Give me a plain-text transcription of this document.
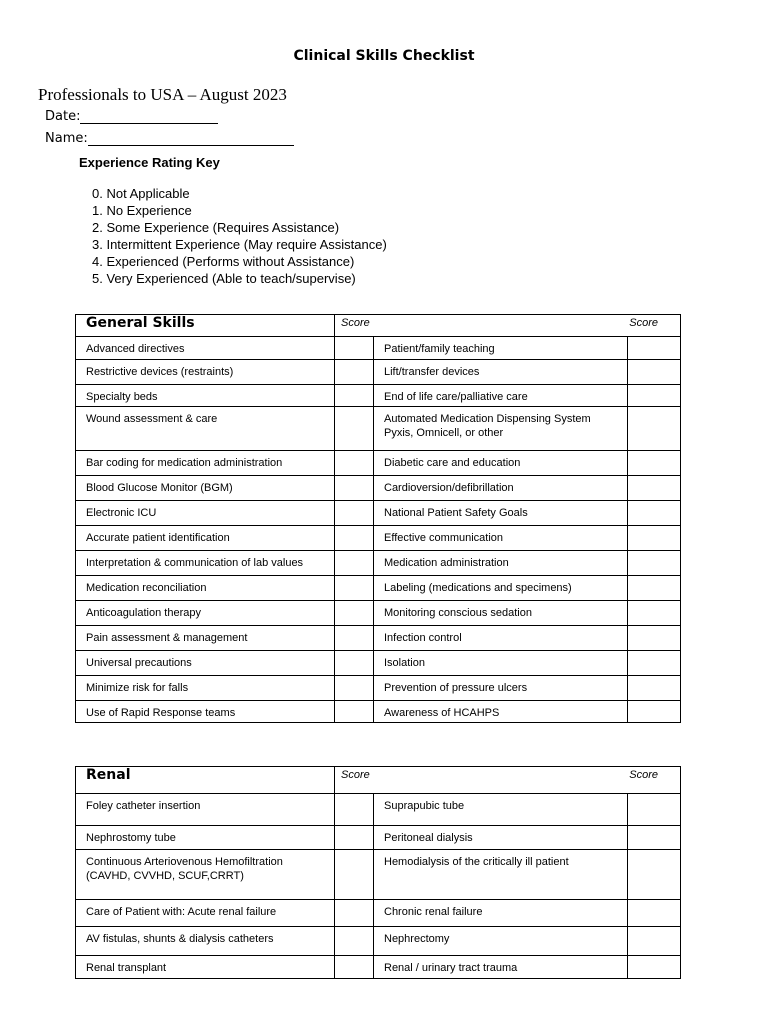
Clinical Skills Checklist
Professionals to USA – August 2023
Date:
Name:
Experience Rating Key
0. Not Applicable
1. No Experience
2. Some Experience (Requires Assistance)
3. Intermittent Experience (May require Assistance)
4. Experienced (Performs without Assistance)
5. Very Experienced (Able to teach/supervise)
General Skills	Score		Score

Advanced directives		Patient/family teaching	

Restrictive devices (restraints)		Lift/transfer devices	

Specialty beds		End of life care/palliative care	

Wound assessment & care		Automated Medication Dispensing System
Pyxis, Omnicell, or other	

Bar coding for medication administration		Diabetic care and education	

Blood Glucose Monitor (BGM)		Cardioversion/defibrillation	

Electronic ICU		National Patient Safety Goals	

Accurate patient identification		Effective communication	

Interpretation & communication of lab values		Medication administration	

Medication reconciliation		Labeling (medications and specimens)	

Anticoagulation therapy		Monitoring conscious sedation	

Pain assessment & management		Infection control	

Universal precautions		Isolation	

Minimize risk for falls		Prevention of pressure ulcers	

Use of Rapid Response teams		Awareness of HCAHPS	

Renal	Score		Score

Foley catheter insertion		Suprapubic tube	

Nephrostomy tube		Peritoneal dialysis	

Continuous Arteriovenous Hemofiltration
(CAVHD, CVVHD, SCUF,CRRT)		Hemodialysis of the critically ill patient	

Care of Patient with: Acute renal failure		Chronic renal failure	

AV fistulas, shunts & dialysis catheters		Nephrectomy	

Renal transplant		Renal / urinary tract trauma	
